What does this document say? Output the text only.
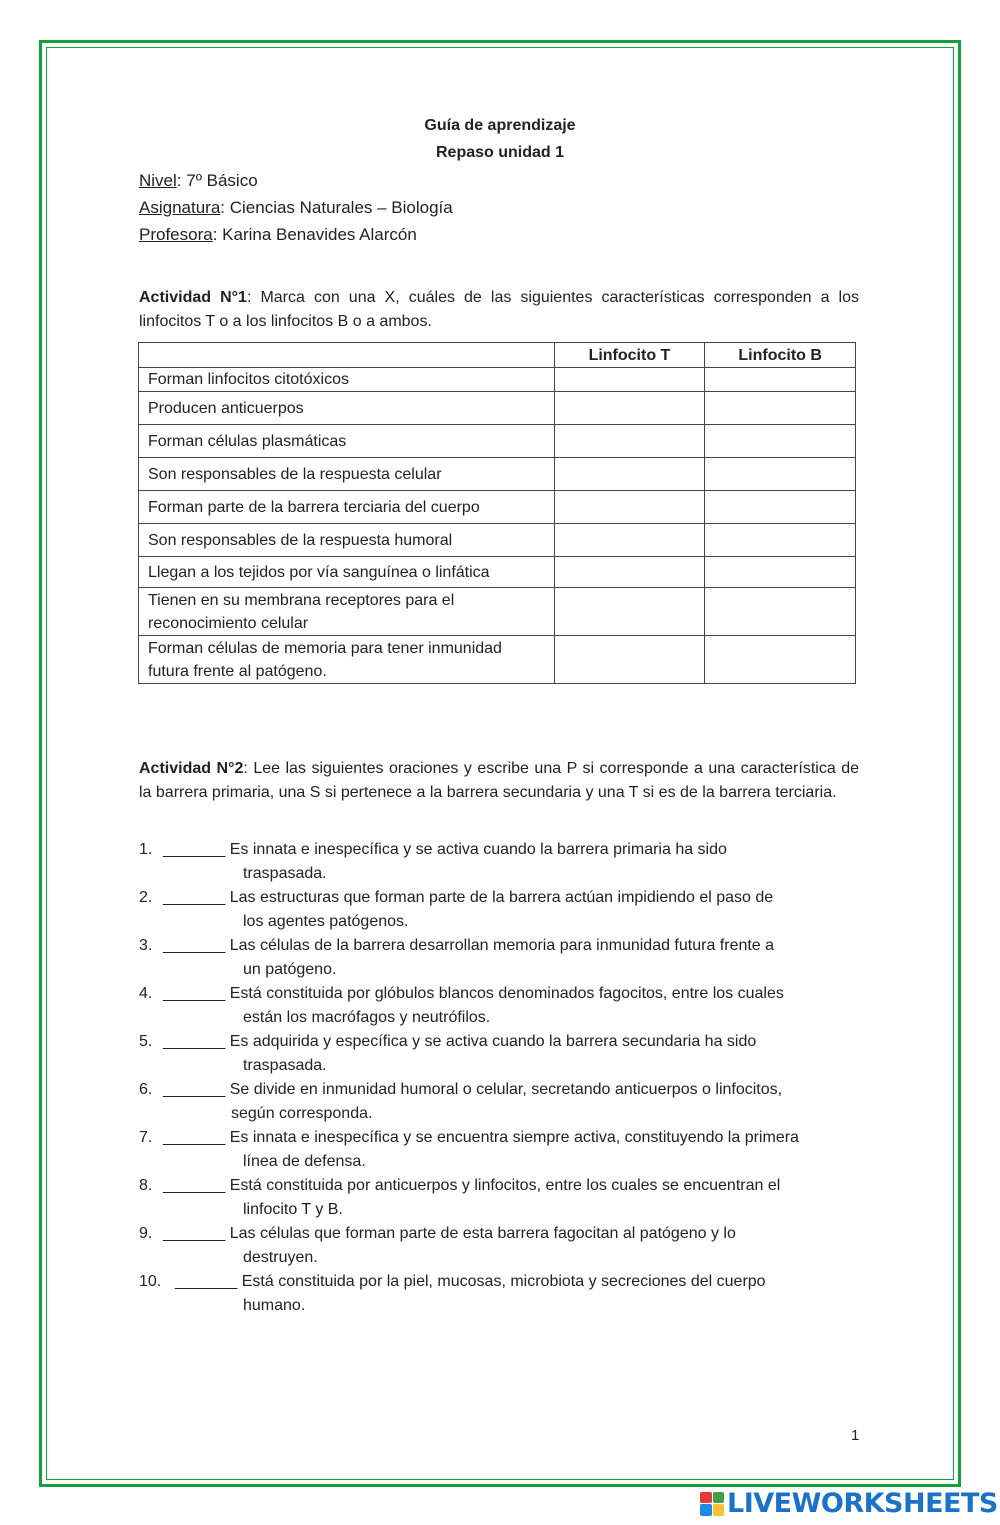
Guía de aprendizaje
Repaso unidad 1
Nivel: 7º Básico
Asignatura: Ciencias Naturales – Biología
Profesora: Karina Benavides Alarcón
Actividad N°1: Marca con una X, cuáles de las siguientes características corresponden a los linfocitos T o a los linfocitos B o a ambos.
	Linfocito T	Linfocito B
Forman linfocitos citotóxicos		
Producen anticuerpos		
Forman células plasmáticas		
Son responsables de la respuesta celular		
Forman parte de la barrera terciaria del cuerpo		
Son responsables de la respuesta humoral		
Llegan a los tejidos por vía sanguínea o linfática		
Tienen en su membrana receptores para el reconocimiento celular		
Forman células de memoria para tener inmunidad futura frente al patógeno.		
Actividad N°2: Lee las siguientes oraciones y escribe una P si corresponde a una característica de la barrera primaria, una S si pertenece a la barrera secundaria y una T si es de la barrera terciaria.
1. _______ Es innata e inespecífica y se activa cuando la barrera primaria ha sido
traspasada.
2. _______ Las estructuras que forman parte de la barrera actúan impidiendo el paso de
los agentes patógenos.
3. _______ Las células de la barrera desarrollan memoria para inmunidad futura frente a
un patógeno.
4. _______ Está constituida por glóbulos blancos denominados fagocitos, entre los cuales
están los macrófagos y neutrófilos.
5. _______ Es adquirida y específica y se activa cuando la barrera secundaria ha sido
traspasada.
6. _______ Se divide en inmunidad humoral o celular, secretando anticuerpos o linfocitos,
según corresponda.
7. _______ Es innata e inespecífica y se encuentra siempre activa, constituyendo la primera
línea de defensa.
8. _______ Está constituida por anticuerpos y linfocitos, entre los cuales se encuentran el
linfocito T y B.
9. _______ Las células que forman parte de esta barrera fagocitan al patógeno y lo
destruyen.
10. _______ Está constituida por la piel, mucosas, microbiota y secreciones del cuerpo
humano.
1
LIVEWORKSHEETS
